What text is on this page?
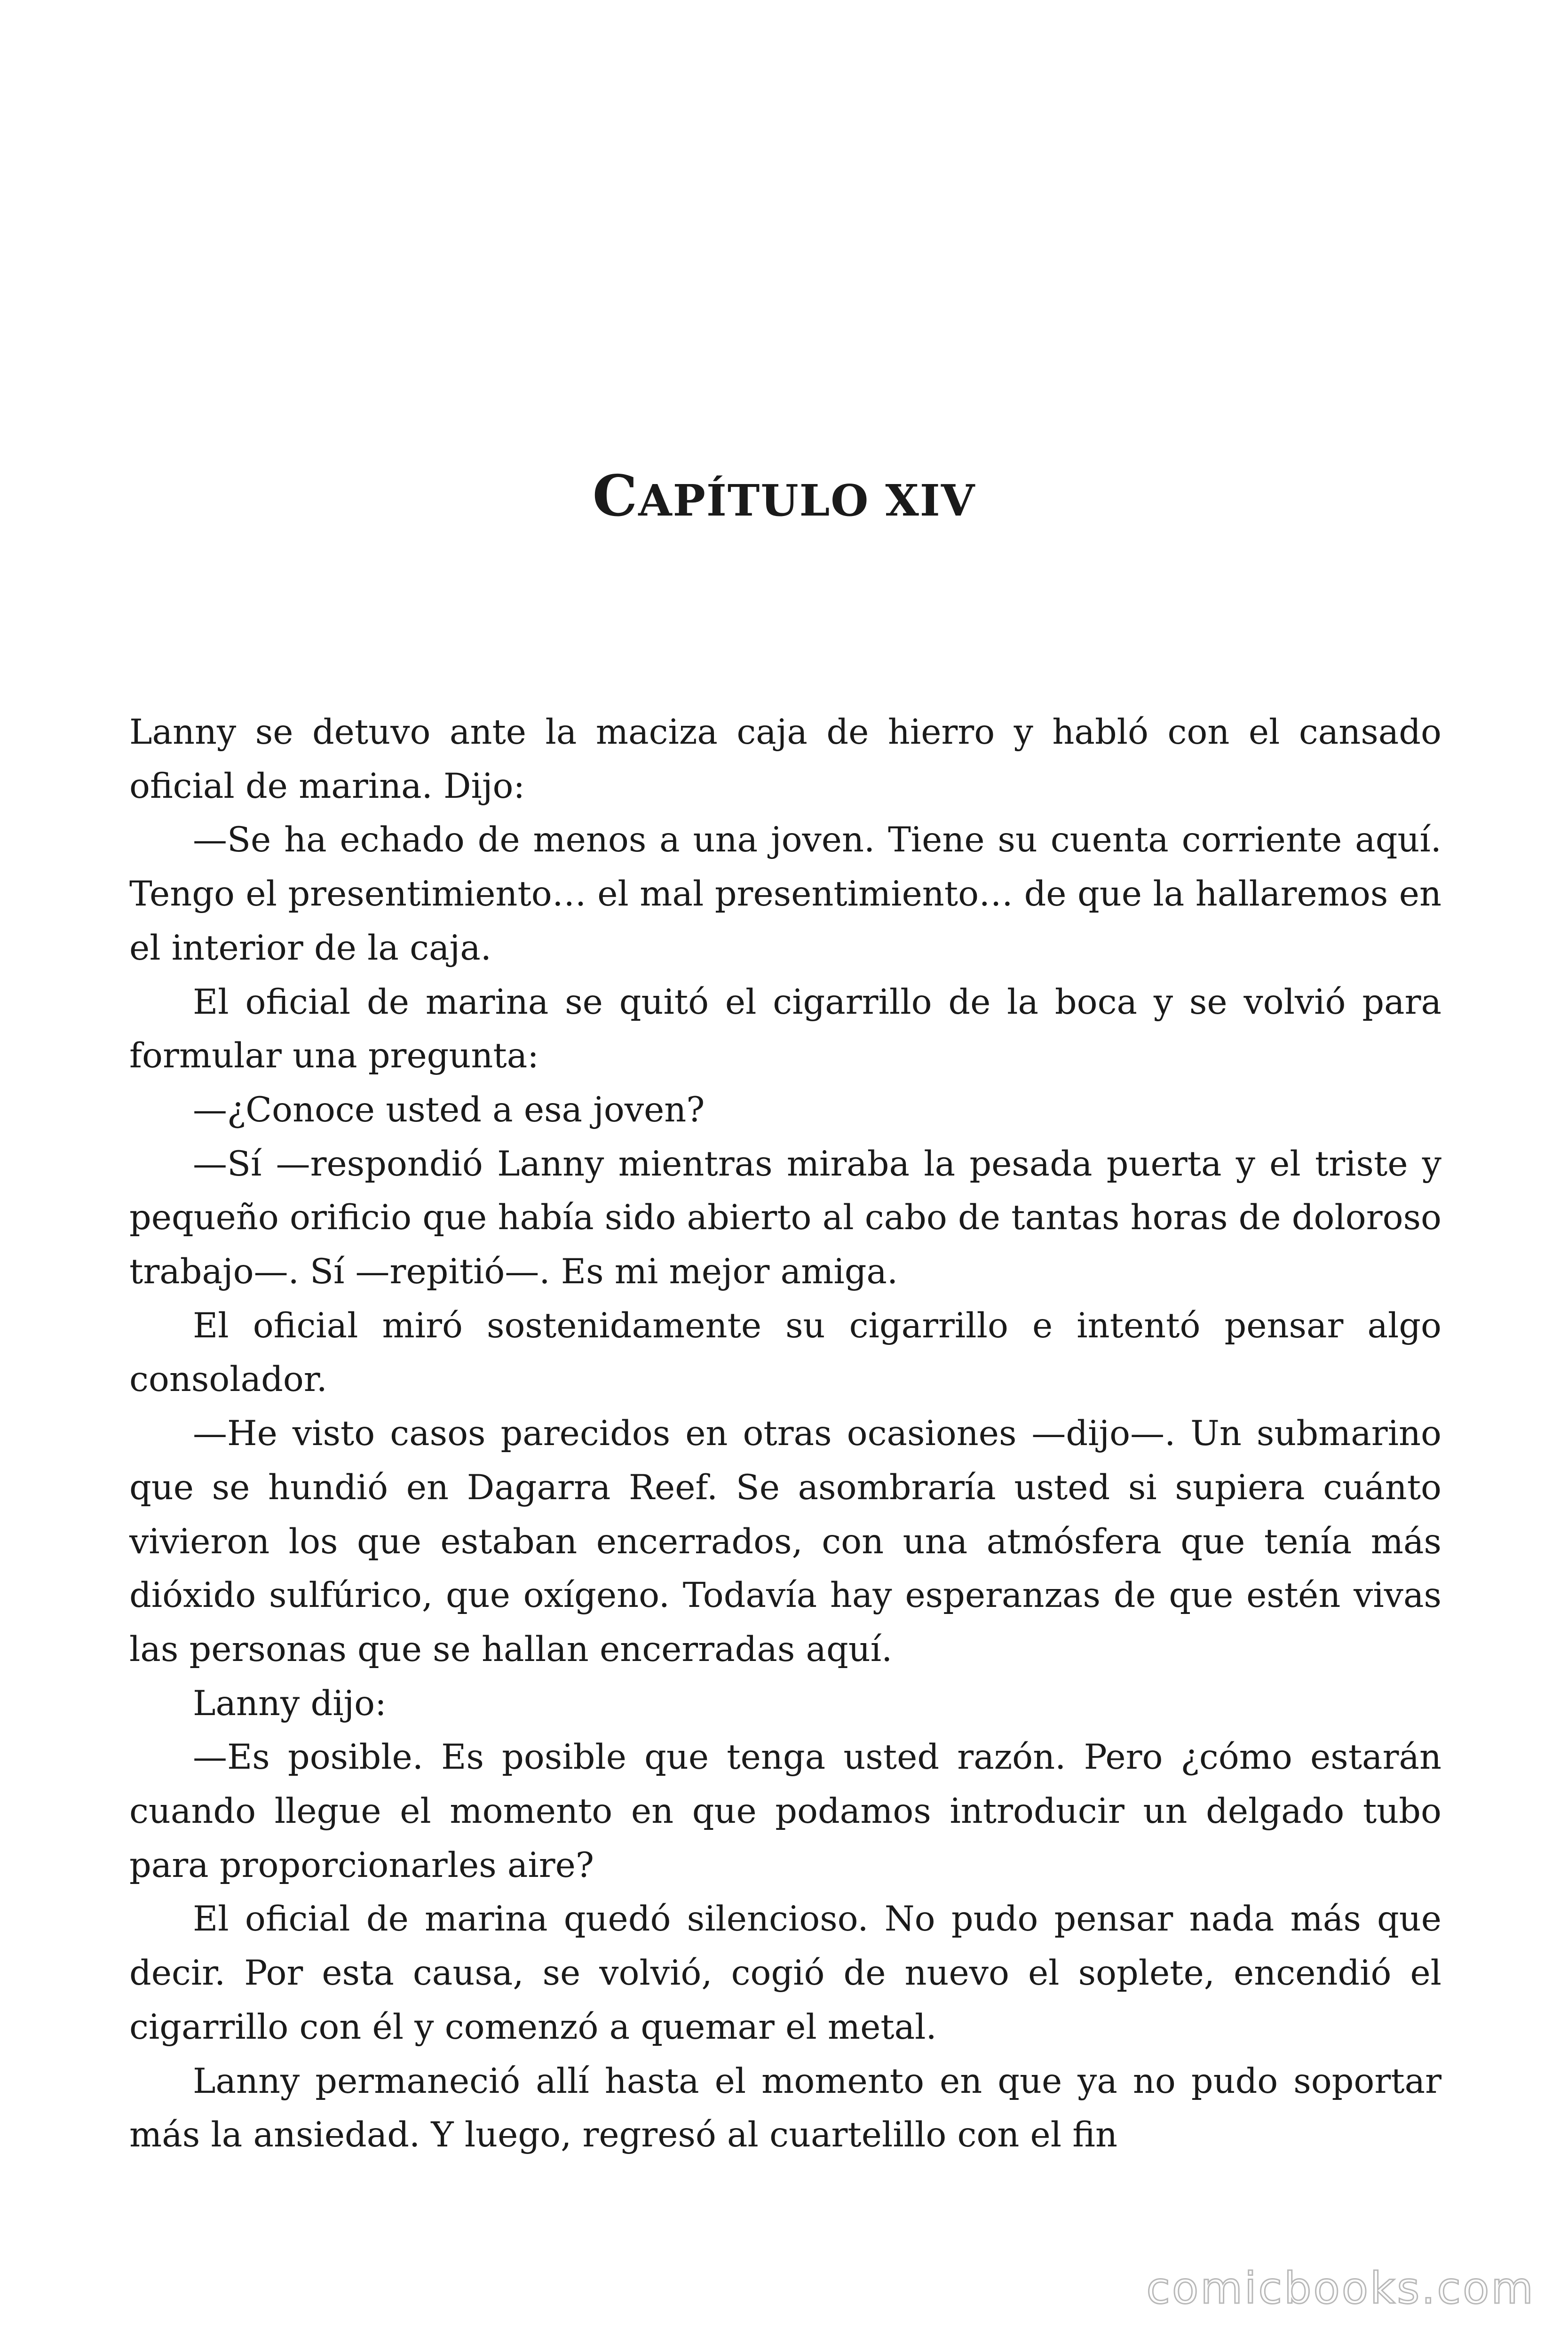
CAPÍTULO XIV

Lanny se detuvo ante la maciza caja de hierro y habló con el cansado oficial de marina. Dijo:

—Se ha echado de menos a una joven. Tiene su cuenta corriente aquí. Tengo el presentimiento… el mal presentimiento… de que la hallaremos en el interior de la caja.

El oficial de marina se quitó el cigarrillo de la boca y se volvió para formular una pregunta:

—¿Conoce usted a esa joven?

—Sí —respondió Lanny mientras miraba la pesada puerta y el triste y pequeño orificio que había sido abierto al cabo de tantas horas de doloroso trabajo—. Sí —repitió—. Es mi mejor amiga.

El oficial miró sostenidamente su cigarrillo e intentó pensar algo consolador.

—He visto casos parecidos en otras ocasiones —dijo—. Un submarino que se hundió en Dagarra Reef. Se asombraría usted si supiera cuánto vivieron los que estaban encerrados, con una atmósfera que tenía más dióxido sulfúrico, que oxígeno. Todavía hay esperanzas de que estén vivas las personas que se hallan encerradas aquí.

Lanny dijo:

—Es posible. Es posible que tenga usted razón. Pero ¿cómo estarán cuando llegue el momento en que podamos introducir un delgado tubo para proporcionarles aire?

El oficial de marina quedó silencioso. No pudo pensar nada más que decir. Por esta causa, se volvió, cogió de nuevo el soplete, encendió el cigarrillo con él y comenzó a quemar el metal.

Lanny permaneció allí hasta el momento en que ya no pudo soportar más la ansiedad. Y luego, regresó al cuartelillo con el fin

comicbooks.com
